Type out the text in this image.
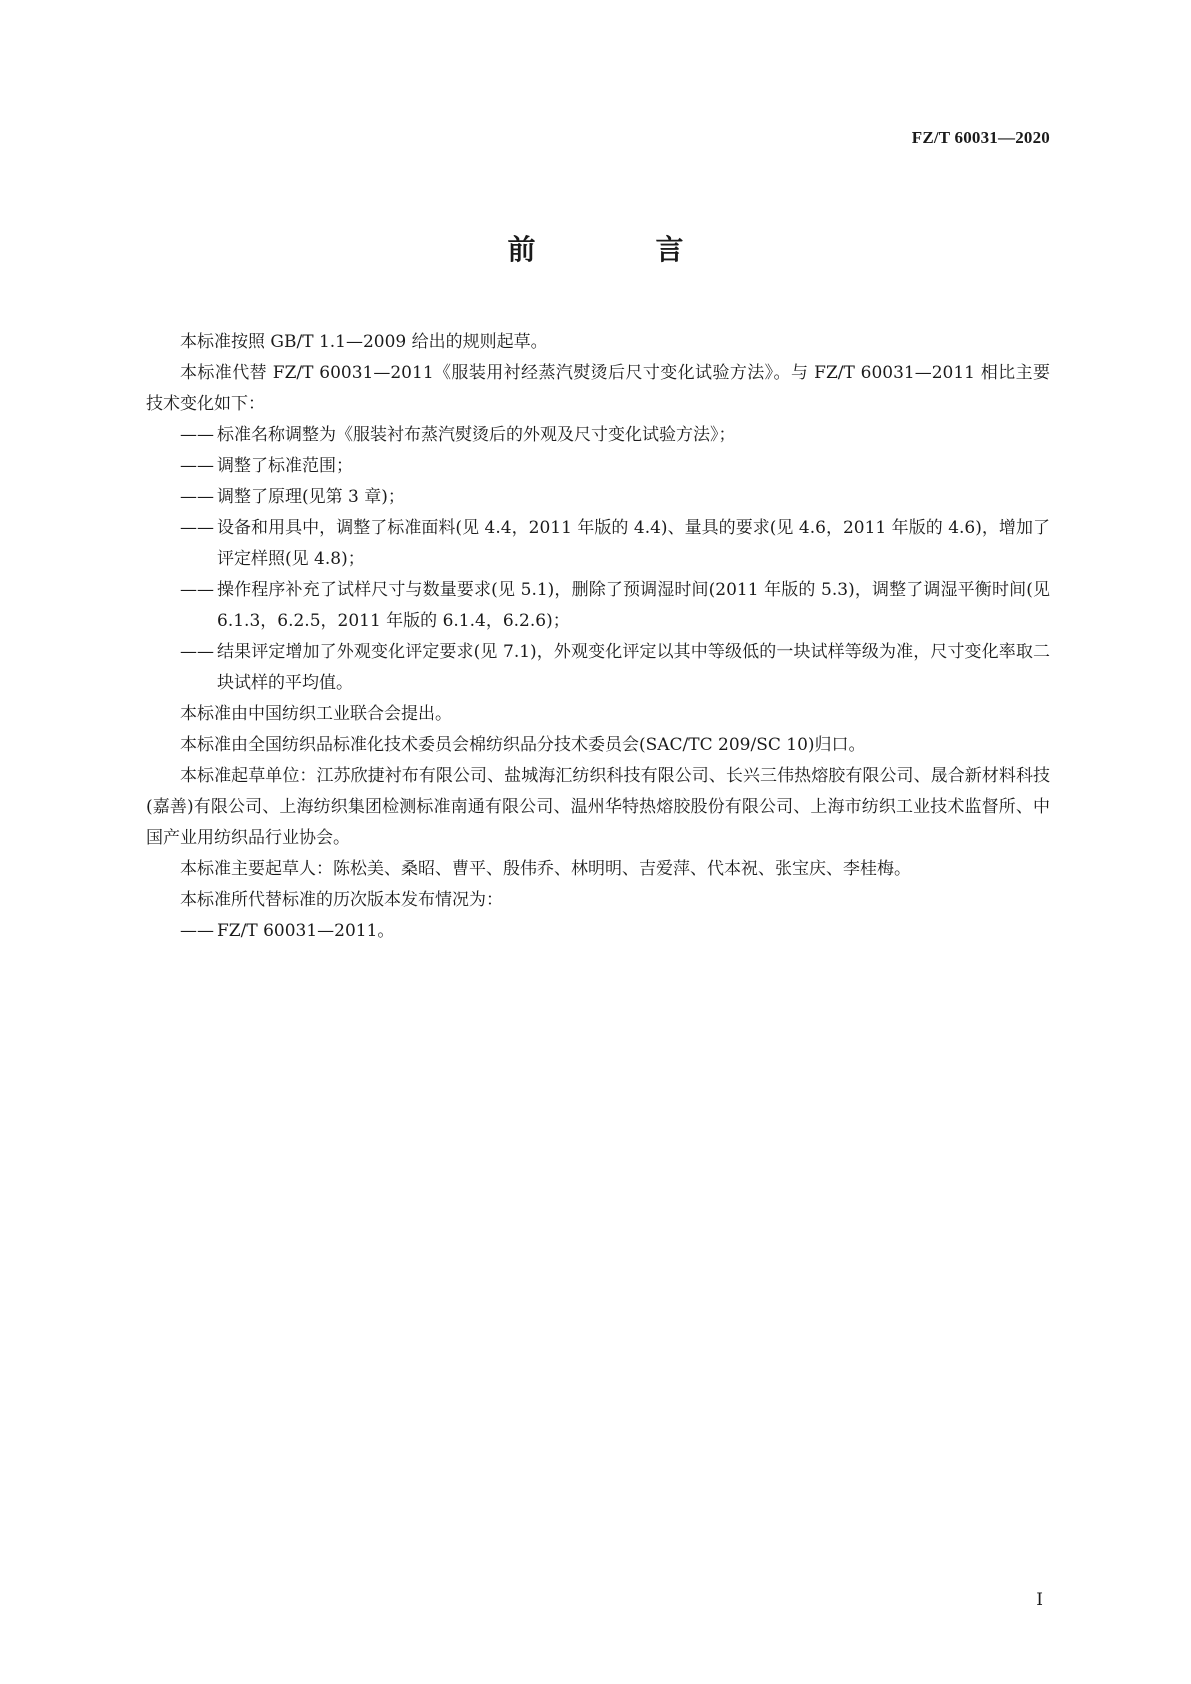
FZ/T 60031—2020
前　言

本标准按照 GB/T 1.1—2009 给出的规则起草。

本标准代替 FZ/T 60031—2011《服装用衬经蒸汽熨烫后尺寸变化试验方法》。与 FZ/T 60031—2011 相比主要技术变化如下：

—— 标准名称调整为《服装衬布蒸汽熨烫后的外观及尺寸变化试验方法》；
—— 调整了标准范围；
—— 调整了原理(见第 3 章)；
—— 设备和用具中，调整了标准面料(见 4.4，2011 年版的 4.4)、量具的要求(见 4.6，2011 年版的 4.6)，增加了评定样照(见 4.8)；
—— 操作程序补充了试样尺寸与数量要求(见 5.1)，删除了预调湿时间(2011 年版的 5.3)，调整了调湿平衡时间(见 6.1.3，6.2.5，2011 年版的 6.1.4，6.2.6)；
—— 结果评定增加了外观变化评定要求(见 7.1)，外观变化评定以其中等级低的一块试样等级为准，尺寸变化率取二块试样的平均值。

本标准由中国纺织工业联合会提出。

本标准由全国纺织品标准化技术委员会棉纺织品分技术委员会(SAC/TC 209/SC 10)归口。

本标准起草单位：江苏欣捷衬布有限公司、盐城海汇纺织科技有限公司、长兴三伟热熔胶有限公司、晟合新材料科技(嘉善)有限公司、上海纺织集团检测标准南通有限公司、温州华特热熔胶股份有限公司、上海市纺织工业技术监督所、中国产业用纺织品行业协会。

本标准主要起草人：陈松美、桑昭、曹平、殷伟乔、林明明、吉爱萍、代本祝、张宝庆、李桂梅。

本标准所代替标准的历次版本发布情况为：

—— FZ/T 60031—2011。
I
